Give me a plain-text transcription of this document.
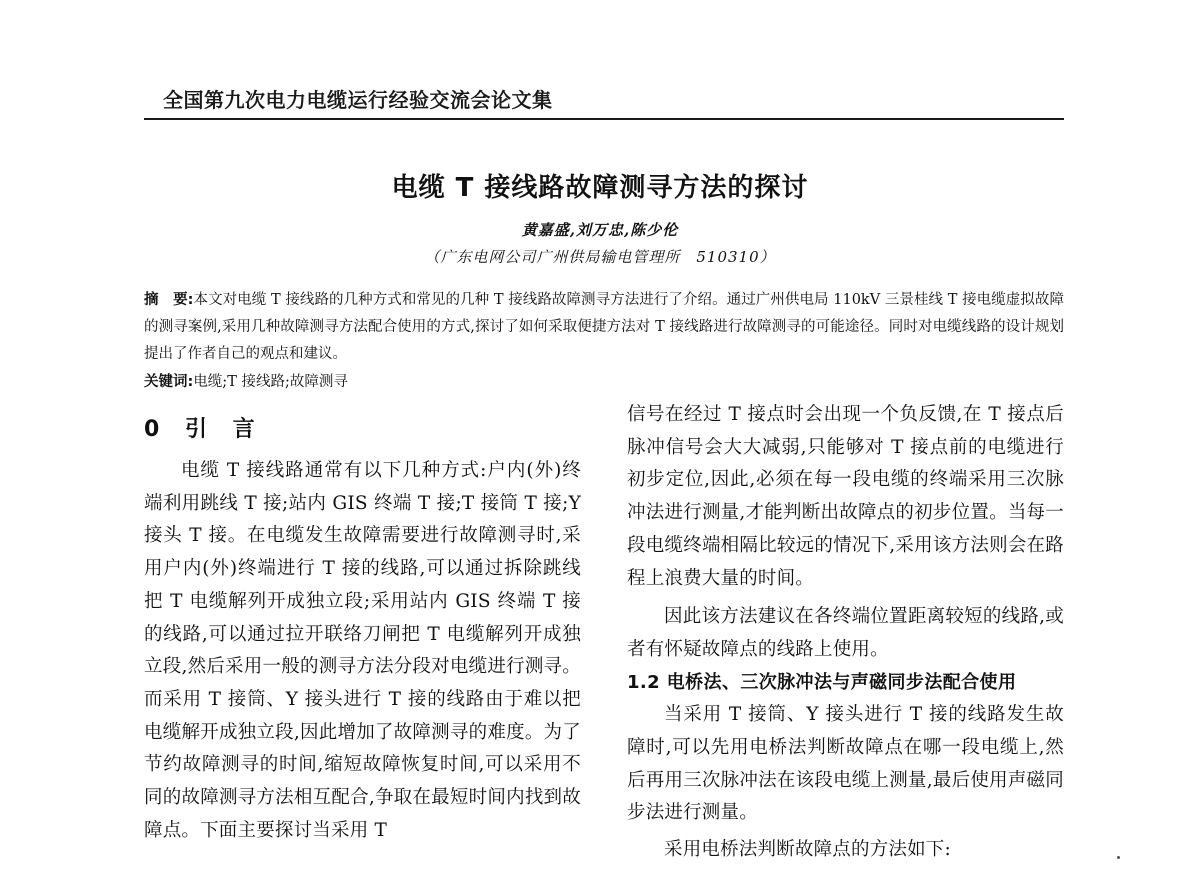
全国第九次电力电缆运行经验交流会论文集
电缆 T 接线路故障测寻方法的探讨
黄嘉盛,刘万忠,陈少伦
（广东电网公司广州供局输电管理所　510310）
摘　要:本文对电缆 T 接线路的几种方式和常见的几种 T 接线路故障测寻方法进行了介绍。通过广州供电局 110kV 三景桂线 T 接电缆虚拟故障的测寻案例,采用几种故障测寻方法配合使用的方式,探讨了如何采取便捷方法对 T 接线路进行故障测寻的可能途径。同时对电缆线路的设计规划提出了作者自己的观点和建议。
关键词:电缆;T 接线路;故障测寻
0 引 言

电缆 T 接线路通常有以下几种方式:户内(外)终端利用跳线 T 接;站内 GIS 终端 T 接;T 接筒 T 接;Y 接头 T 接。在电缆发生故障需要进行故障测寻时,采用户内(外)终端进行 T 接的线路,可以通过拆除跳线把 T 电缆解列开成独立段;采用站内 GIS 终端 T 接的线路,可以通过拉开联络刀闸把 T 电缆解列开成独立段,然后采用一般的测寻方法分段对电缆进行测寻。而采用 T 接筒、Y 接头进行 T 接的线路由于难以把电缆解开成独立段,因此增加了故障测寻的难度。为了节约故障测寻的时间,缩短故障恢复时间,可以采用不同的故障测寻方法相互配合,争取在最短时间内找到故障点。下面主要探讨当采用 T

信号在经过 T 接点时会出现一个负反馈,在 T 接点后脉冲信号会大大减弱,只能够对 T 接点前的电缆进行初步定位,因此,必须在每一段电缆的终端采用三次脉冲法进行测量,才能判断出故障点的初步位置。当每一段电缆终端相隔比较远的情况下,采用该方法则会在路程上浪费大量的时间。

因此该方法建议在各终端位置距离较短的线路,或者有怀疑故障点的线路上使用。

1.2 电桥法、三次脉冲法与声磁同步法配合使用

当采用 T 接筒、Y 接头进行 T 接的线路发生故障时,可以先用电桥法判断故障点在哪一段电缆上,然后再用三次脉冲法在该段电缆上测量,最后使用声磁同步法进行测量。

采用电桥法判断故障点的方法如下:
